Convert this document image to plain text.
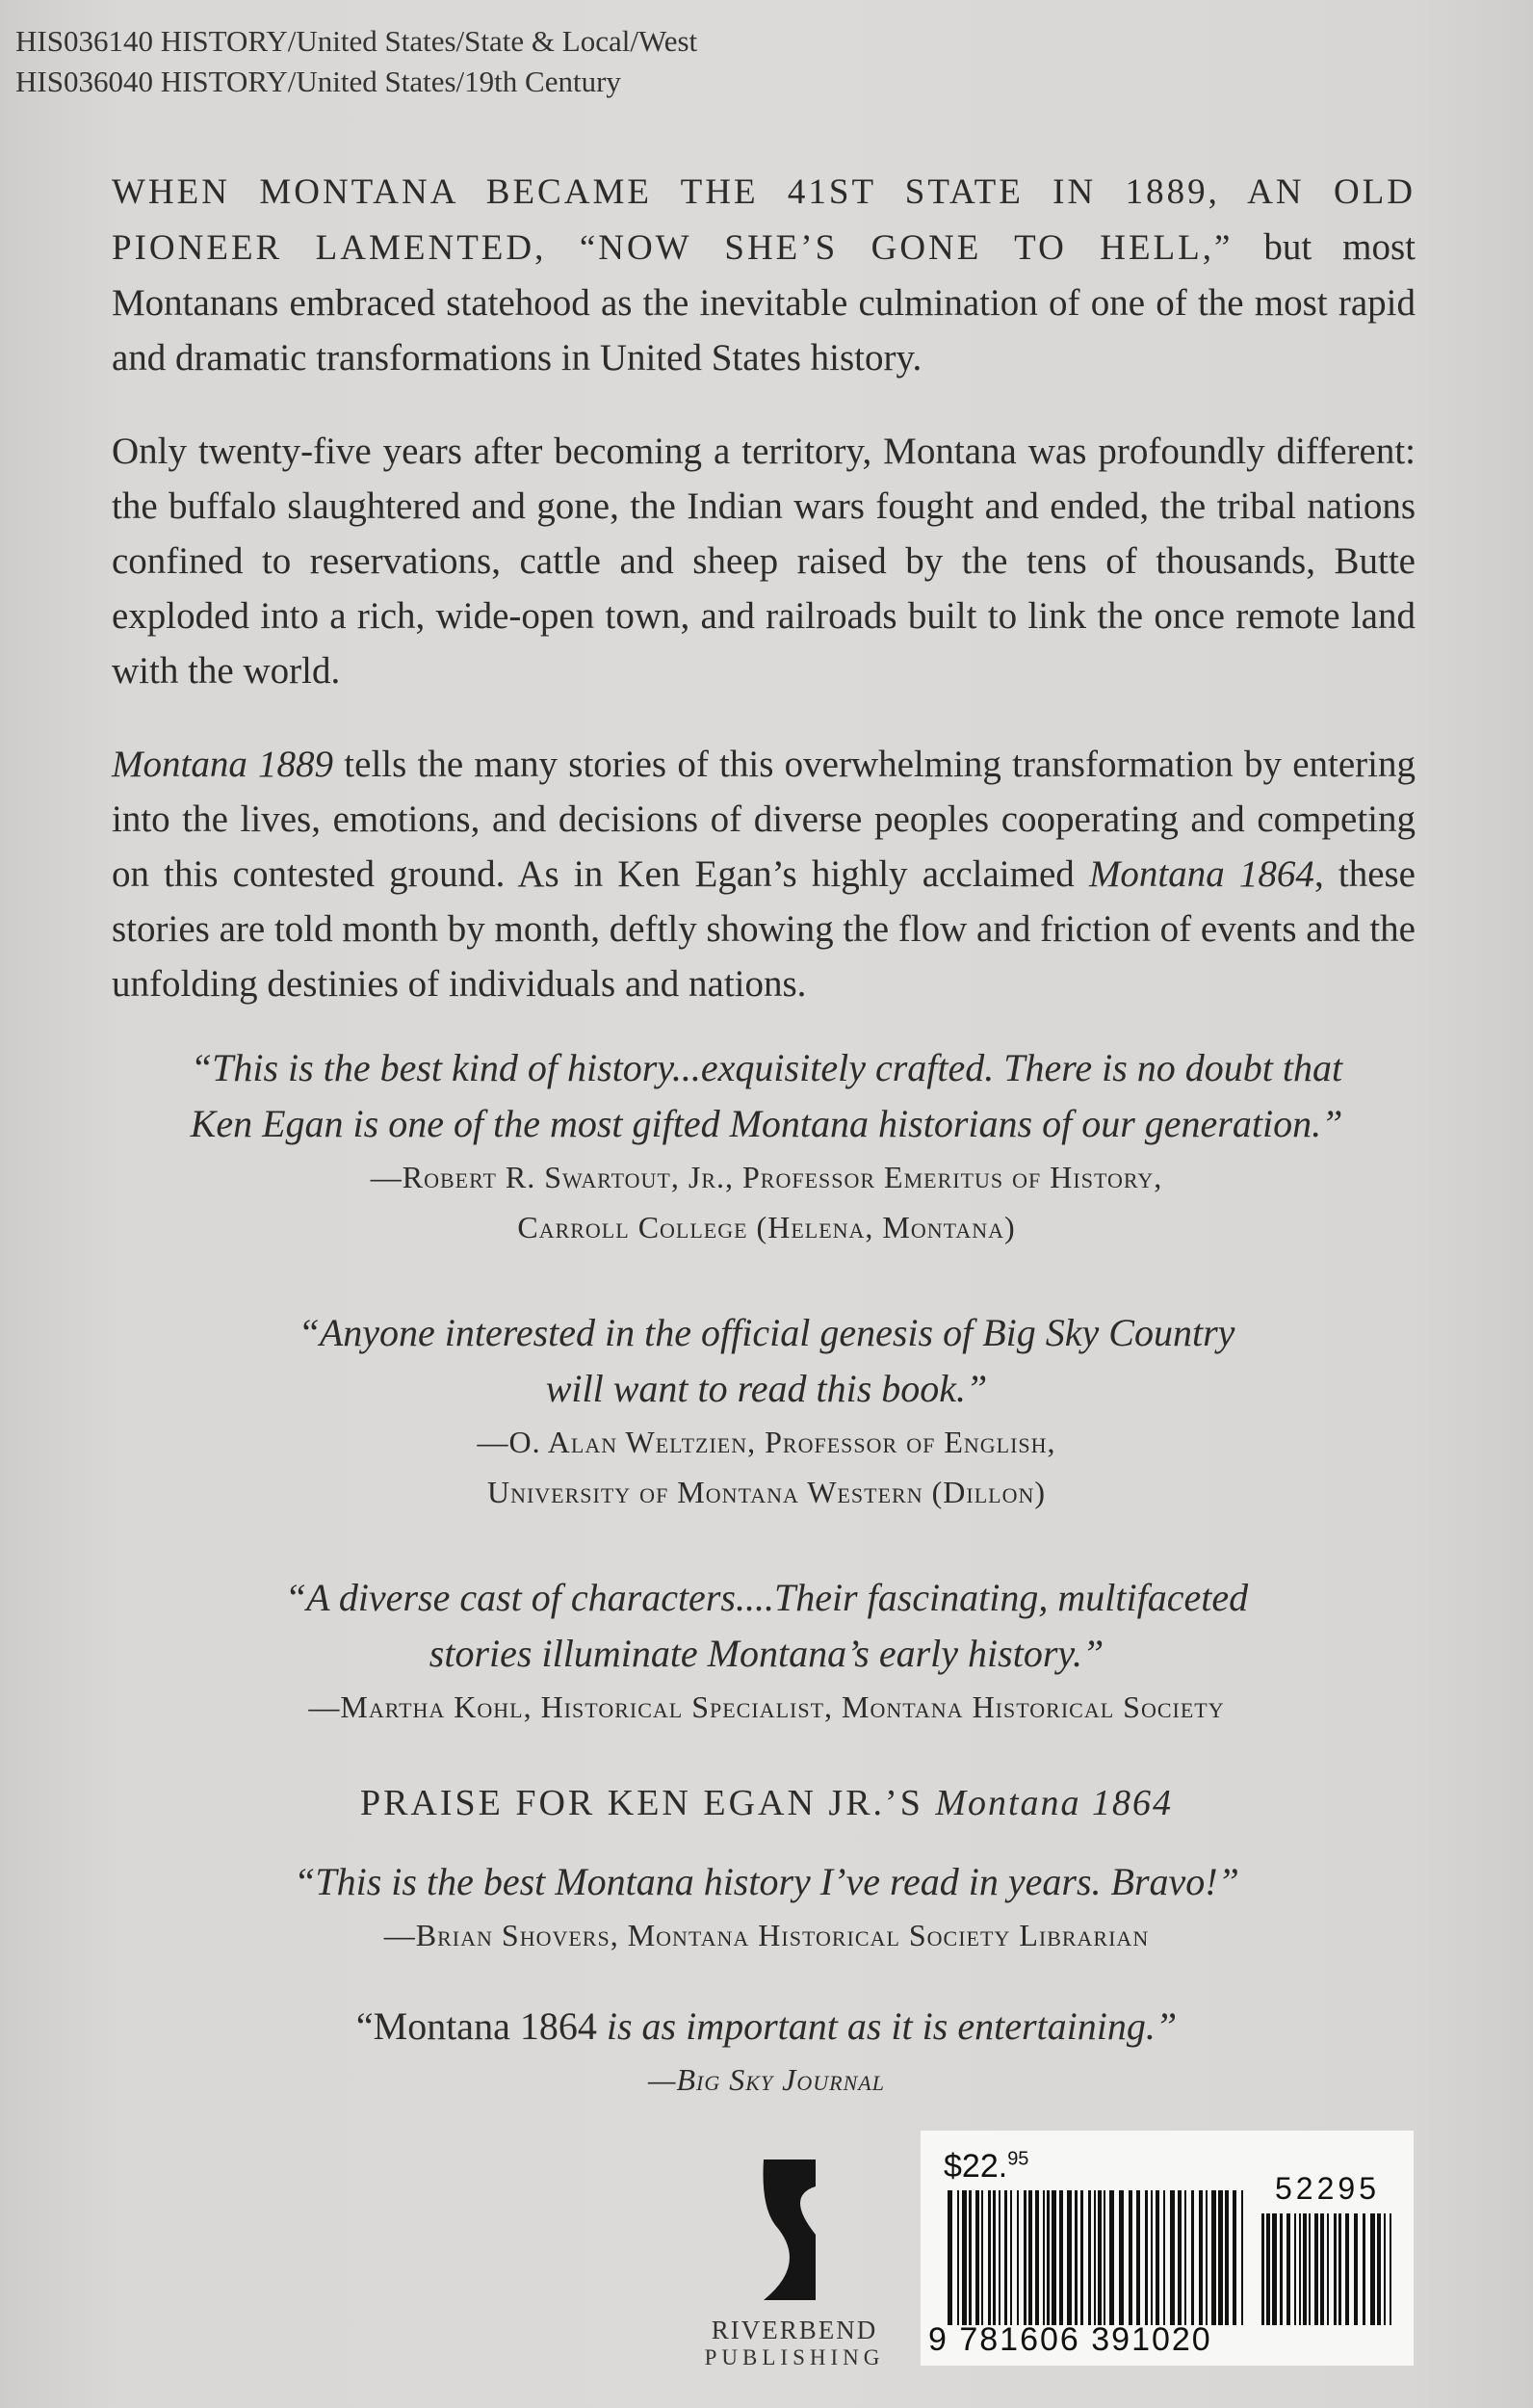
HIS036140 HISTORY/United States/State & Local/West
HIS036040 HISTORY/United States/19th Century

WHEN MONTANA BECAME THE 41ST STATE IN 1889, AN OLD PIONEER LAMENTED, “NOW SHE’S GONE TO HELL,” but most Montanans embraced statehood as the inevitable culmination of one of the most rapid and dramatic transformations in United States history.

Only twenty-five years after becoming a territory, Montana was profoundly different: the buffalo slaughtered and gone, the Indian wars fought and ended, the tribal nations confined to reservations, cattle and sheep raised by the tens of thousands, Butte exploded into a rich, wide-open town, and railroads built to link the once remote land with the world.

Montana 1889 tells the many stories of this overwhelming transformation by entering into the lives, emotions, and decisions of diverse peoples cooperating and competing on this contested ground. As in Ken Egan’s highly acclaimed Montana 1864, these stories are told month by month, deftly showing the flow and friction of events and the unfolding destinies of individuals and nations.

“This is the best kind of history...exquisitely crafted. There is no doubt that
Ken Egan is one of the most gifted Montana historians of our generation.”
—Robert R. Swartout, Jr., Professor Emeritus of History,
Carroll College (Helena, Montana)
“Anyone interested in the official genesis of Big Sky Country
will want to read this book.”
—O. Alan Weltzien, Professor of English,
University of Montana Western (Dillon)
“A diverse cast of characters....Their fascinating, multifaceted
stories illuminate Montana’s early history.”
—Martha Kohl, Historical Specialist, Montana Historical Society
PRAISE FOR KEN EGAN JR.’S Montana 1864
“This is the best Montana history I’ve read in years. Bravo!”
—Brian Shovers, Montana Historical Society Librarian
“Montana 1864 is as important as it is entertaining.”
—Big Sky Journal
RIVERBEND
PUBLISHING
$22.95
52295
9 781606 391020
